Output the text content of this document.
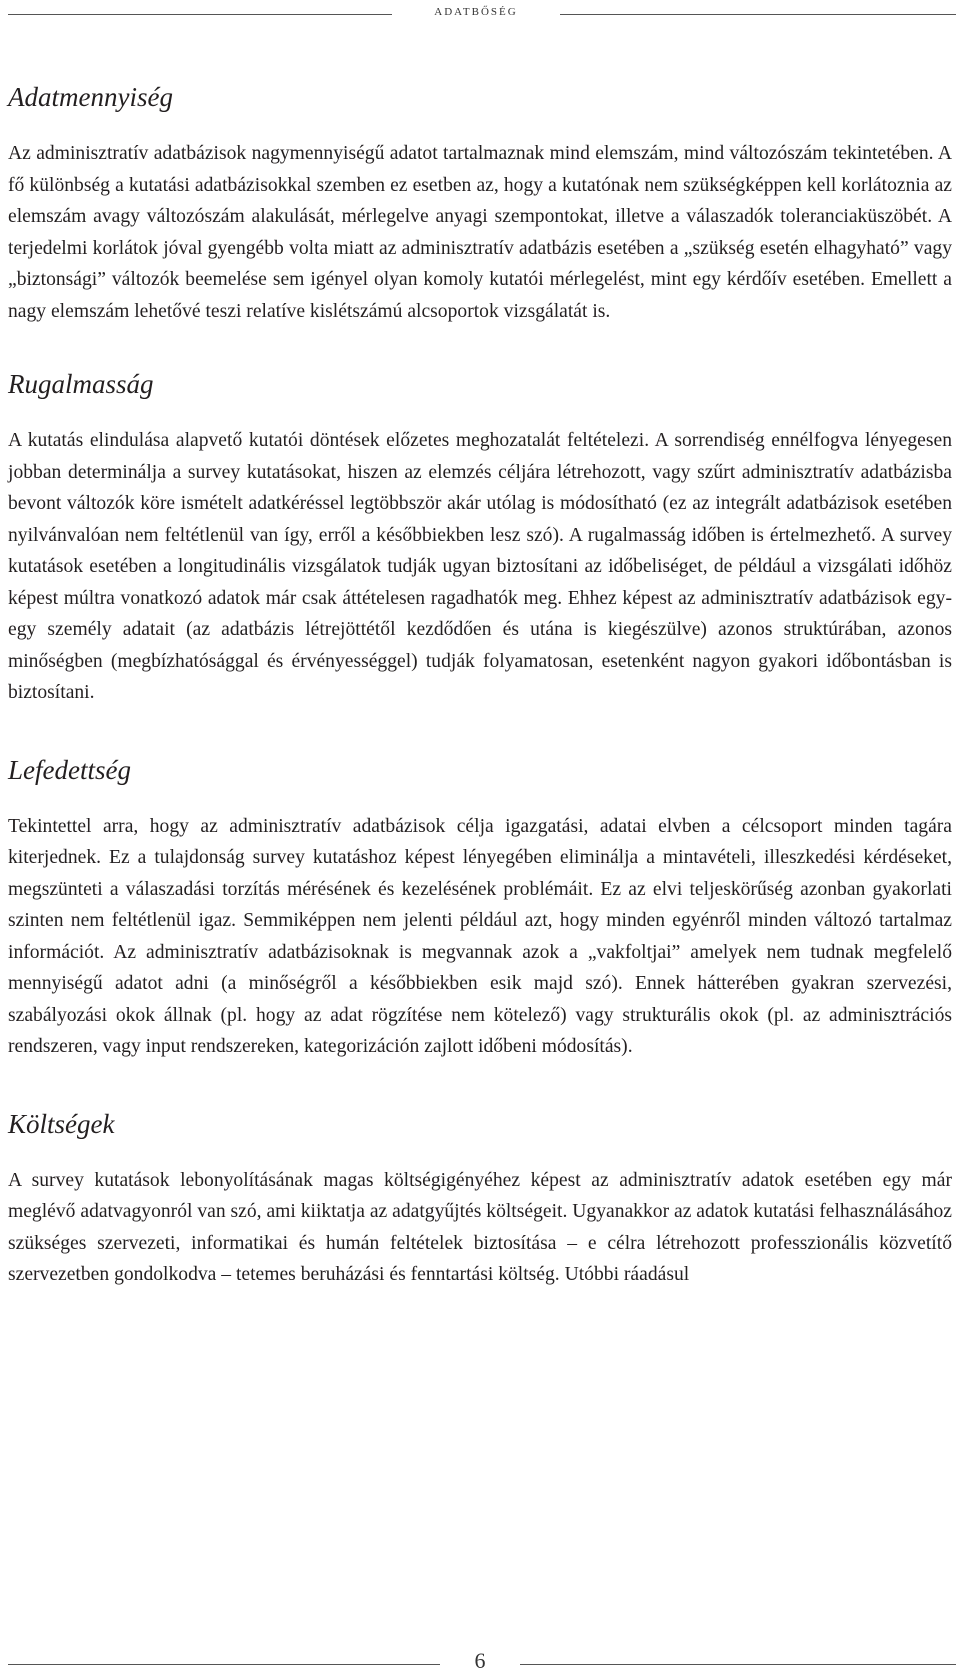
adatbőség
Adatmennyiség

Az adminisztratív adatbázisok nagymennyiségű adatot tartalmaznak mind elemszám, mind változószám tekintetében. A fő különbség a kutatási adatbázisokkal szemben ez esetben az, hogy a kutatónak nem szükségképpen kell korlátoznia az elemszám avagy változószám alakulását, mérlegelve anyagi szempontokat, illetve a válaszadók toleranciaküszöbét. A terjedelmi korlátok jóval gyengébb volta miatt az adminisztratív adatbázis esetében a „szükség esetén elhagyható” vagy „biztonsági” változók beemelése sem igényel olyan komoly kutatói mérlegelést, mint egy kérdőív esetében. Emellett a nagy elemszám lehetővé teszi relatíve kislétszámú alcsoportok vizsgálatát is.

Rugalmasság

A kutatás elindulása alapvető kutatói döntések előzetes meghozatalát feltételezi. A sorrendiség ennélfogva lényegesen jobban determinálja a survey kutatásokat, hiszen az elemzés céljára létrehozott, vagy szűrt adminisztratív adatbázisba bevont változók köre ismételt adatkéréssel legtöbbször akár utólag is módosítható (ez az integrált adatbázisok esetében nyilvánvalóan nem feltétlenül van így, erről a későbbiekben lesz szó). A rugalmasság időben is értelmezhető. A survey kutatások esetében a longitudinális vizsgálatok tudják ugyan biztosítani az időbeliséget, de például a vizsgálati időhöz képest múltra vonatkozó adatok már csak áttételesen ragadhatók meg. Ehhez képest az adminisztratív adatbázisok egy-egy személy adatait (az adatbázis létrejöttétől kezdődően és utána is kiegészülve) azonos struktúrában, azonos minőségben (megbízhatósággal és érvényességgel) tudják folyamatosan, esetenként nagyon gyakori időbontásban is biztosítani.

Lefedettség

Tekintettel arra, hogy az adminisztratív adatbázisok célja igazgatási, adatai elvben a célcsoport minden tagára kiterjednek. Ez a tulajdonság survey kutatáshoz képest lényegében eliminálja a mintavételi, illeszkedési kérdéseket, megszünteti a válaszadási torzítás mérésének és kezelésének problémáit. Ez az elvi teljeskörűség azonban gyakorlati szinten nem feltétlenül igaz. Semmiképpen nem jelenti például azt, hogy minden egyénről minden változó tartalmaz információt. Az adminisztratív adatbázisoknak is megvannak azok a „vakfoltjai” amelyek nem tudnak megfelelő mennyiségű adatot adni (a minőségről a későbbiekben esik majd szó). Ennek hátterében gyakran szervezési, szabályozási okok állnak (pl. hogy az adat rögzítése nem kötelező) vagy strukturális okok (pl. az adminisztrációs rendszeren, vagy input rendszereken, kategorizáción zajlott időbeni módosítás).

Költségek

A survey kutatások lebonyolításának magas költségigényéhez képest az adminisztratív adatok esetében egy már meglévő adatvagyonról van szó, ami kiiktatja az adatgyűjtés költségeit. Ugyanakkor az adatok kutatási felhasználásához szükséges szervezeti, informatikai és humán feltételek biztosítása – e célra létrehozott professzionális közvetítő szervezetben gondolkodva – tetemes beruházási és fenntartási költség. Utóbbi ráadásul

6
